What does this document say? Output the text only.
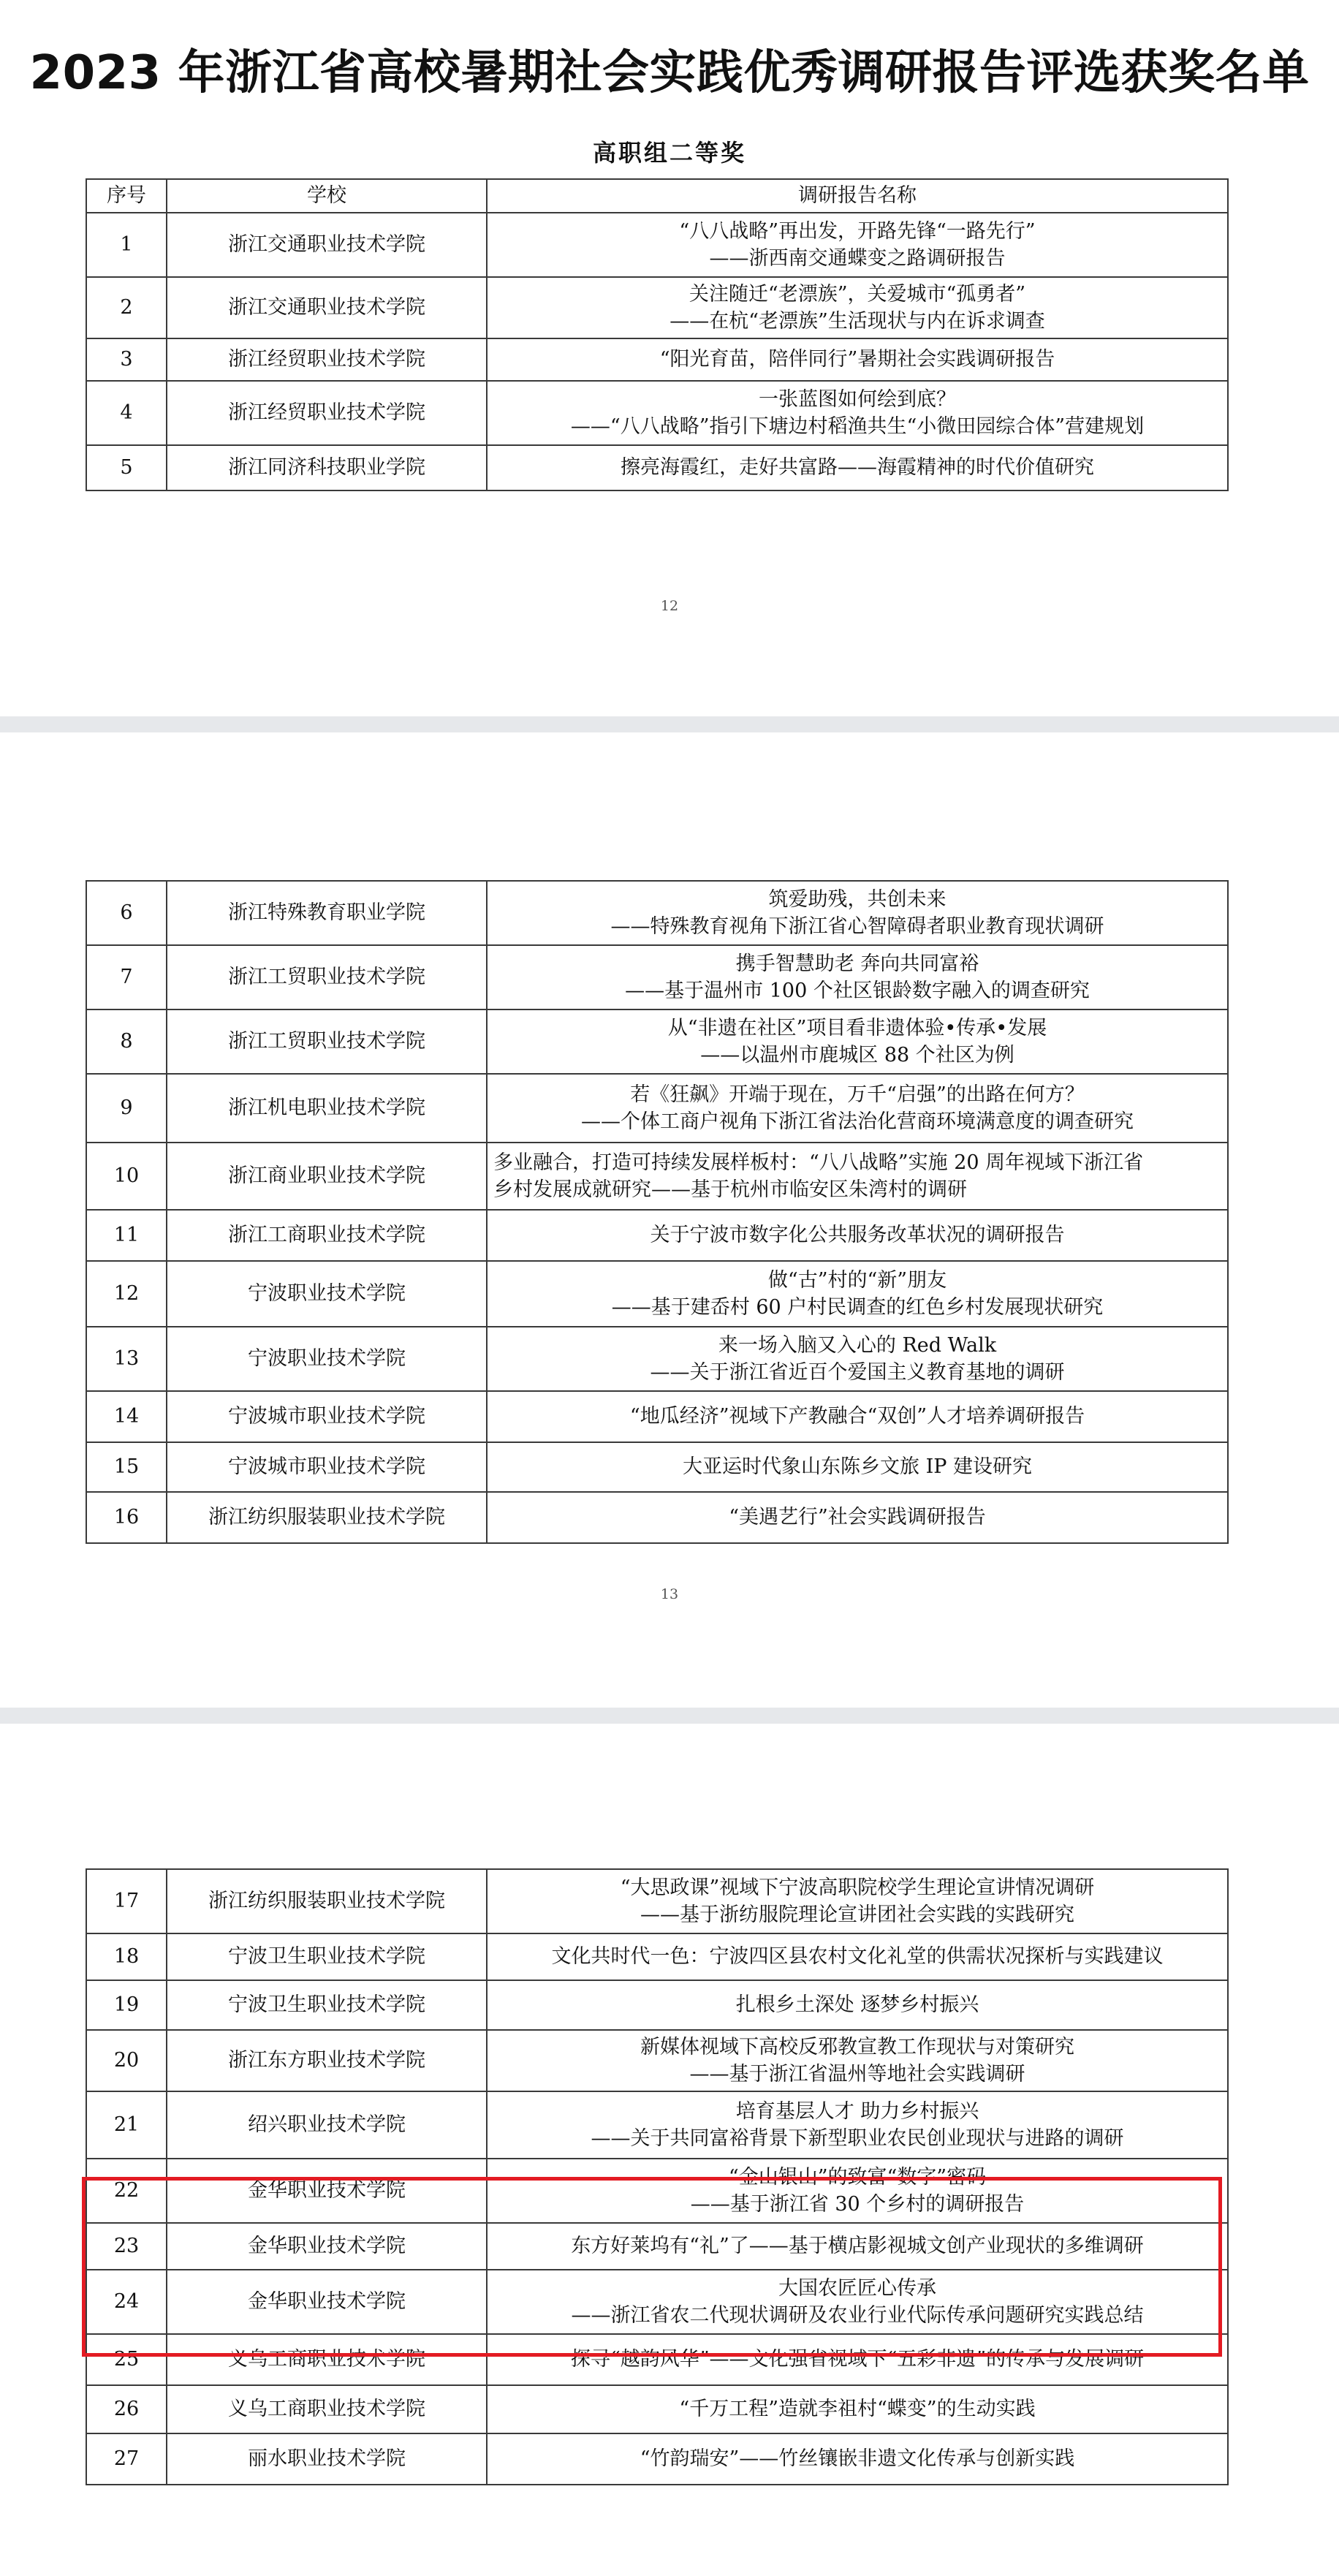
2023 年浙江省高校暑期社会实践优秀调研报告评选获奖名单
高职组二等奖
序号	学校	调研报告名称
1	浙江交通职业技术学院	“八八战略”再出发，开路先锋“一路先行”
——浙西南交通蝶变之路调研报告

2	浙江交通职业技术学院	关注随迁“老漂族”，关爱城市“孤勇者”
——在杭“老漂族”生活现状与内在诉求调查

3	浙江经贸职业技术学院	“阳光育苗，陪伴同行”暑期社会实践调研报告

4	浙江经贸职业技术学院	一张蓝图如何绘到底？
——“八八战略”指引下塘边村稻渔共生“小微田园综合体”营建规划

5	浙江同济科技职业学院	擦亮海霞红，走好共富路——海霞精神的时代价值研究
12
6	浙江特殊教育职业学院	筑爱助残，共创未来
——特殊教育视角下浙江省心智障碍者职业教育现状调研

7	浙江工贸职业技术学院	携手智慧助老 奔向共同富裕
——基于温州市 100 个社区银龄数字融入的调查研究

8	浙江工贸职业技术学院	从“非遗在社区”项目看非遗体验•传承•发展
——以温州市鹿城区 88 个社区为例

9	浙江机电职业技术学院	若《狂飙》开端于现在，万千“启强”的出路在何方？
——个体工商户视角下浙江省法治化营商环境满意度的调查研究

10	浙江商业职业技术学院	多业融合，打造可持续发展样板村：“八八战略”实施 20 周年视域下浙江省
乡村发展成就研究——基于杭州市临安区朱湾村的调研

11	浙江工商职业技术学院	关于宁波市数字化公共服务改革状况的调研报告

12	宁波职业技术学院	做“古”村的“新”朋友
——基于建岙村 60 户村民调查的红色乡村发展现状研究

13	宁波职业技术学院	来一场入脑又入心的 Red Walk
——关于浙江省近百个爱国主义教育基地的调研

14	宁波城市职业技术学院	“地瓜经济”视域下产教融合“双创”人才培养调研报告

15	宁波城市职业技术学院	大亚运时代象山东陈乡文旅 IP 建设研究

16	浙江纺织服装职业技术学院	“美遇艺行”社会实践调研报告
13
17	浙江纺织服装职业技术学院	“大思政课”视域下宁波高职院校学生理论宣讲情况调研
——基于浙纺服院理论宣讲团社会实践的实践研究

18	宁波卫生职业技术学院	文化共时代一色：宁波四区县农村文化礼堂的供需状况探析与实践建议

19	宁波卫生职业技术学院	扎根乡土深处 逐梦乡村振兴

20	浙江东方职业技术学院	新媒体视域下高校反邪教宣教工作现状与对策研究
——基于浙江省温州等地社会实践调研

21	绍兴职业技术学院	培育基层人才 助力乡村振兴
——关于共同富裕背景下新型职业农民创业现状与进路的调研

22	金华职业技术学院	“金山银山”的致富“数字”密码
——基于浙江省 30 个乡村的调研报告

23	金华职业技术学院	东方好莱坞有“礼”了——基于横店影视城文创产业现状的多维调研

24	金华职业技术学院	大国农匠匠心传承
——浙江省农二代现状调研及农业行业代际传承问题研究实践总结

25	义乌工商职业技术学院	探寻“越韵风华”——文化强省视域下“五彩非遗”的传承与发展调研

26	义乌工商职业技术学院	“千万工程”造就李祖村“蝶变”的生动实践

27	丽水职业技术学院	“竹韵瑞安”——竹丝镶嵌非遗文化传承与创新实践
